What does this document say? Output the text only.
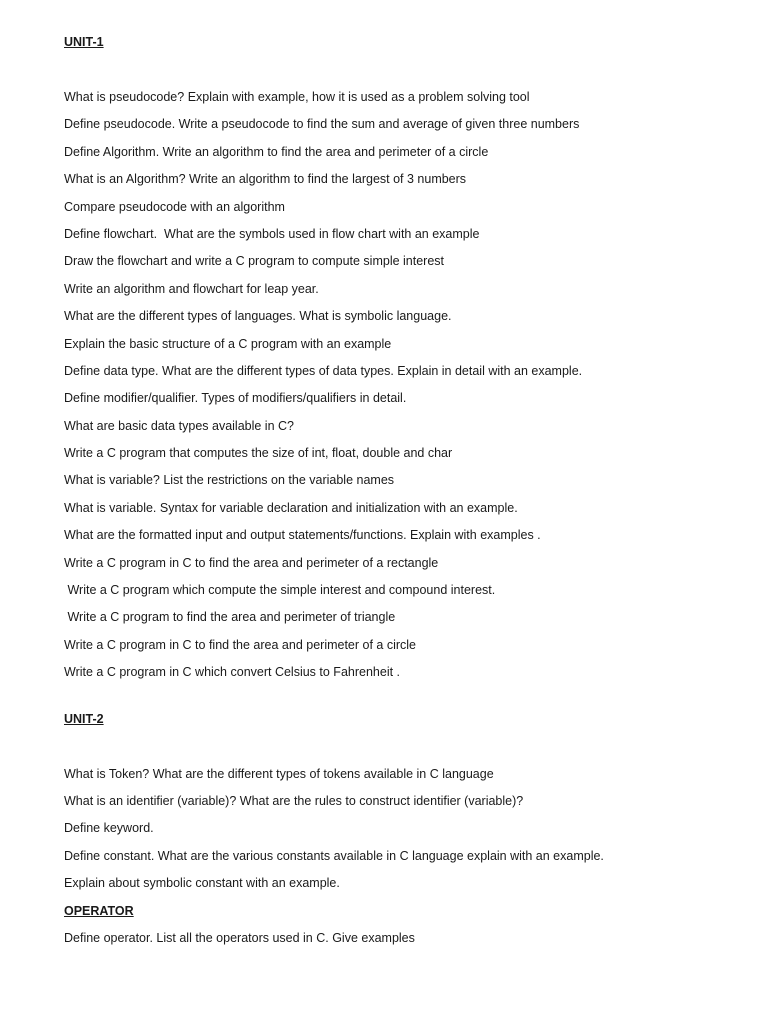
UNIT-1
What is pseudocode? Explain with example, how it is used as a problem solving tool
Define pseudocode. Write a pseudocode to find the sum and average of given three numbers
Define Algorithm. Write an algorithm to find the area and perimeter of a circle
What is an Algorithm? Write an algorithm to find the largest of 3 numbers
Compare pseudocode with an algorithm
Define flowchart.  What are the symbols used in flow chart with an example
Draw the flowchart and write a C program to compute simple interest
Write an algorithm and flowchart for leap year.
What are the different types of languages. What is symbolic language.
Explain the basic structure of a C program with an example
Define data type. What are the different types of data types. Explain in detail with an example.
Define modifier/qualifier. Types of modifiers/qualifiers in detail.
What are basic data types available in C?
Write a C program that computes the size of int, float, double and char
What is variable? List the restrictions on the variable names
What is variable. Syntax for variable declaration and initialization with an example.
What are the formatted input and output statements/functions. Explain with examples .
Write a C program in C to find the area and perimeter of a rectangle
Write a C program which compute the simple interest and compound interest.
Write a C program to find the area and perimeter of triangle
Write a C program in C to find the area and perimeter of a circle
Write a C program in C which convert Celsius to Fahrenheit .
UNIT-2
What is Token? What are the different types of tokens available in C language
What is an identifier (variable)? What are the rules to construct identifier (variable)?
Define keyword.
Define constant. What are the various constants available in C language explain with an example.
Explain about symbolic constant with an example.
OPERATOR
Define operator. List all the operators used in C. Give examples
